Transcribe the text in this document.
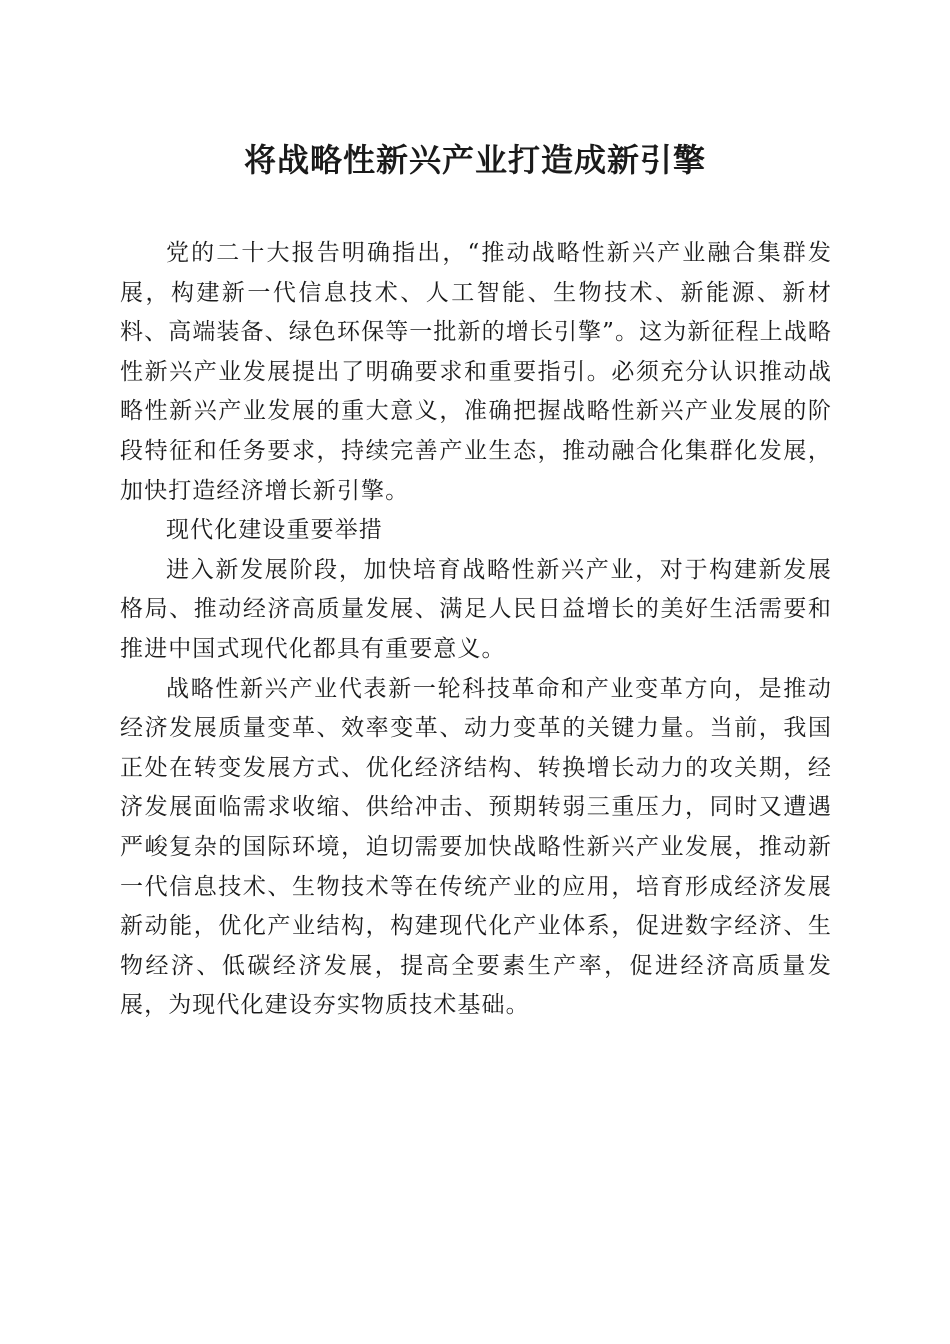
将战略性新兴产业打造成新引擎

党的二十大报告明确指出，“推动战略性新兴产业融合集群发展，构建新一代信息技术、人工智能、生物技术、新能源、新材料、高端装备、绿色环保等一批新的增长引擎”。这为新征程上战略性新兴产业发展提出了明确要求和重要指引。必须充分认识推动战略性新兴产业发展的重大意义，准确把握战略性新兴产业发展的阶段特征和任务要求，持续完善产业生态，推动融合化集群化发展，加快打造经济增长新引擎。

现代化建设重要举措

进入新发展阶段，加快培育战略性新兴产业，对于构建新发展格局、推动经济高质量发展、满足人民日益增长的美好生活需要和推进中国式现代化都具有重要意义。

战略性新兴产业代表新一轮科技革命和产业变革方向，是推动经济发展质量变革、效率变革、动力变革的关键力量。当前，我国正处在转变发展方式、优化经济结构、转换增长动力的攻关期，经济发展面临需求收缩、供给冲击、预期转弱三重压力，同时又遭遇严峻复杂的国际环境，迫切需要加快战略性新兴产业发展，推动新一代信息技术、生物技术等在传统产业的应用，培育形成经济发展新动能，优化产业结构，构建现代化产业体系，促进数字经济、生物经济、低碳经济发展，提高全要素生产率，促进经济高质量发展，为现代化建设夯实物质技术基础。
